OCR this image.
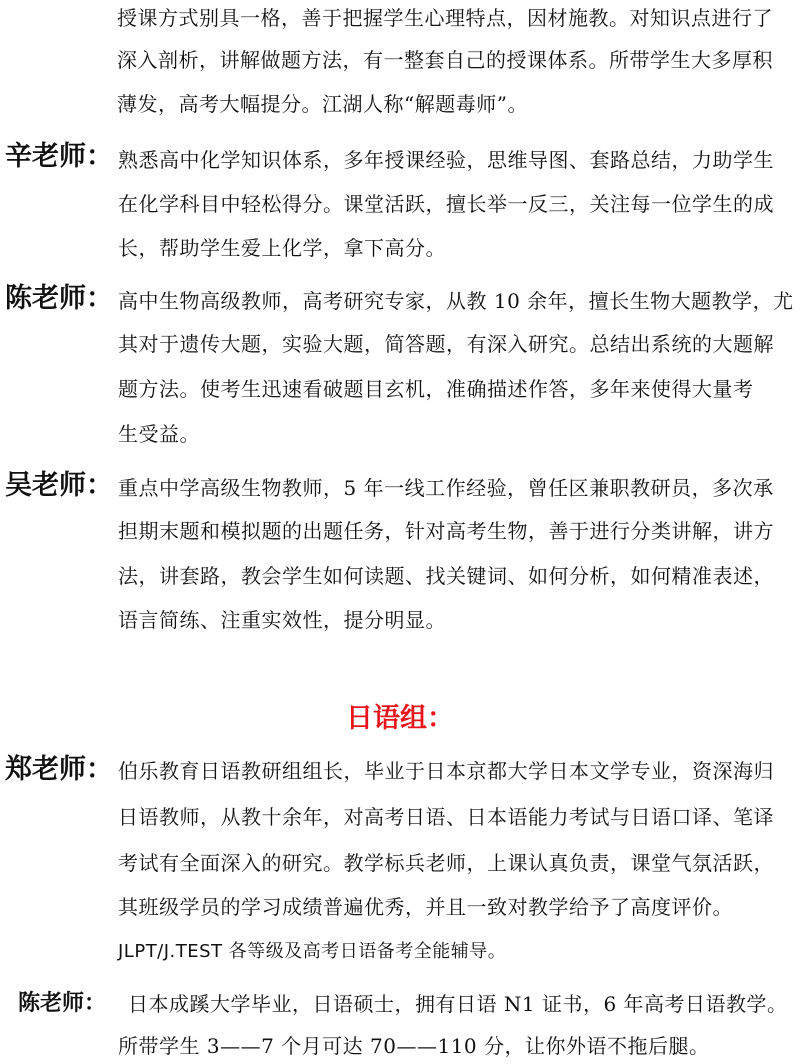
授课方式别具一格，善于把握学生心理特点，因材施教。对知识点进行了
深入剖析，讲解做题方法，有一整套自己的授课体系。所带学生大多厚积
薄发，高考大幅提分。江湖人称“解题毒师”。
辛老师： 熟悉高中化学知识体系，多年授课经验，思维导图、套路总结，力助学生
在化学科目中轻松得分。课堂活跃，擅长举一反三，关注每一位学生的成
长，帮助学生爱上化学，拿下高分。
陈老师： 高中生物高级教师，高考研究专家，从教 10 余年，擅长生物大题教学，尤
其对于遗传大题，实验大题，简答题，有深入研究。总结出系统的大题解
题方法。使考生迅速看破题目玄机，准确描述作答，多年来使得大量考
生受益。
吴老师： 重点中学高级生物教师，5 年一线工作经验，曾任区兼职教研员，多次承
担期末题和模拟题的出题任务，针对高考生物，善于进行分类讲解，讲方
法，讲套路，教会学生如何读题、找关键词、如何分析，如何精准表述，
语言简练、注重实效性，提分明显。
日语组：
郑老师： 伯乐教育日语教研组组长，毕业于日本京都大学日本文学专业，资深海归
日语教师，从教十余年，对高考日语、日本语能力考试与日语口译、笔译
考试有全面深入的研究。教学标兵老师，上课认真负责，课堂气氛活跃，
其班级学员的学习成绩普遍优秀，并且一致对教学给予了高度评价。
JLPT/J.TEST 各等级及高考日语备考全能辅导。
陈老师： 日本成蹊大学毕业，日语硕士，拥有日语 N1 证书，6 年高考日语教学。
所带学生 3——7 个月可达 70——110 分，让你外语不拖后腿。
